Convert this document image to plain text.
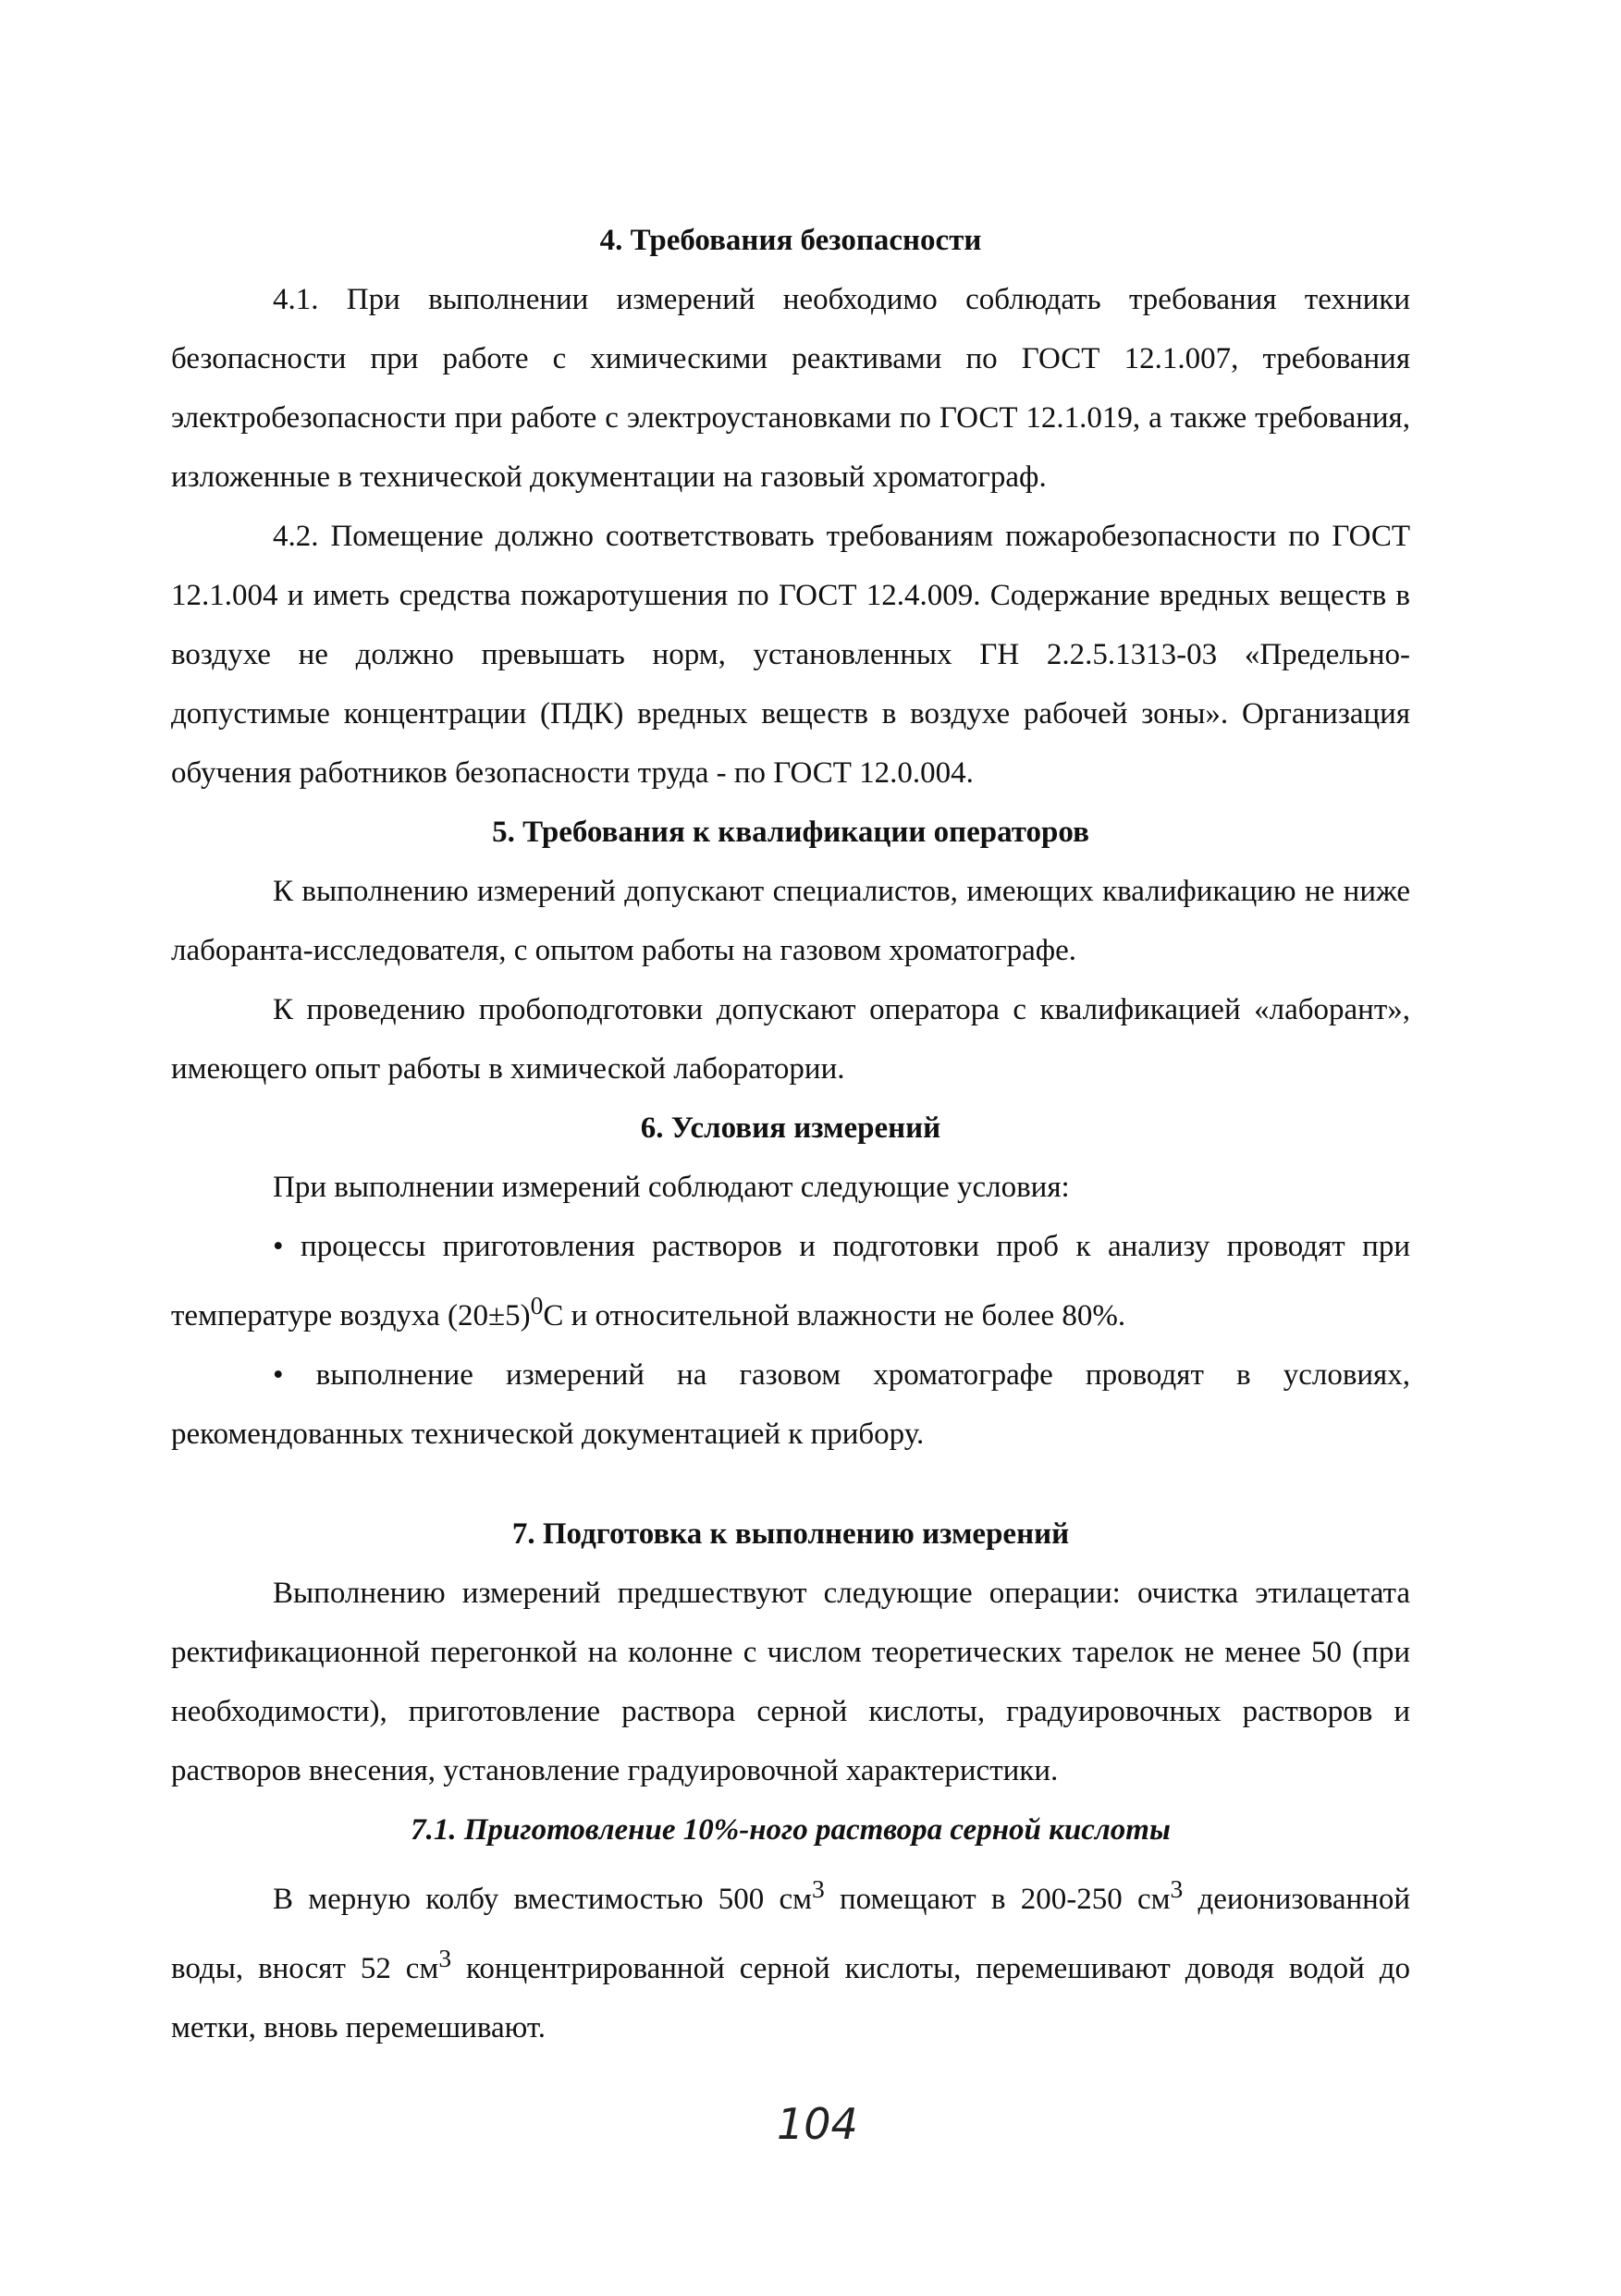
4. Требования безопасности

4.1. При выполнении измерений необходимо соблюдать требования техники безопасности при работе с химическими реактивами по ГОСТ 12.1.007, требования электробезопасности при работе с электроустановками по ГОСТ 12.1.019, а также требования, изложенные в технической документации на газовый хроматограф.

4.2. Помещение должно соответствовать требованиям пожаробезопасности по ГОСТ 12.1.004 и иметь средства пожаротушения по ГОСТ 12.4.009. Содержание вредных веществ в воздухе не должно превышать норм, установленных ГН 2.2.5.1313-03 «Предельно-допустимые концентрации (ПДК) вредных веществ в воздухе рабочей зоны». Организация обучения работников безопасности труда - по ГОСТ 12.0.004.

5. Требования к квалификации операторов

К выполнению измерений допускают специалистов, имеющих квалификацию не ниже лаборанта-исследователя, с опытом работы на газовом хроматографе.

К проведению пробоподготовки допускают оператора с квалификацией «лаборант», имеющего опыт работы в химической лаборатории.

6. Условия измерений

При выполнении измерений соблюдают следующие условия:

• процессы приготовления растворов и подготовки проб к анализу проводят при температуре воздуха $(20\pm 5)^0С$ и относительной влажности не более 80%.

• выполнение измерений на газовом хроматографе проводят в условиях, рекомендованных технической документацией к прибору.

7. Подготовка к выполнению измерений

Выполнению измерений предшествуют следующие операции: очистка этилацетата ректификационной перегонкой на колонне с числом теоретических тарелок не менее 50 (при необходимости), приготовление раствора серной кислоты, градуировочных растворов и растворов внесения, установление градуировочной характеристики.

7.1. Приготовление 10%-ного раствора серной кислоты

В мерную колбу вместимостью 500 $см^3$ помещают в 200-250 $см^3$ деионизованной воды, вносят 52 $см^3$ концентрированной серной кислоты, перемешивают доводя водой до метки, вновь перемешивают.

104
